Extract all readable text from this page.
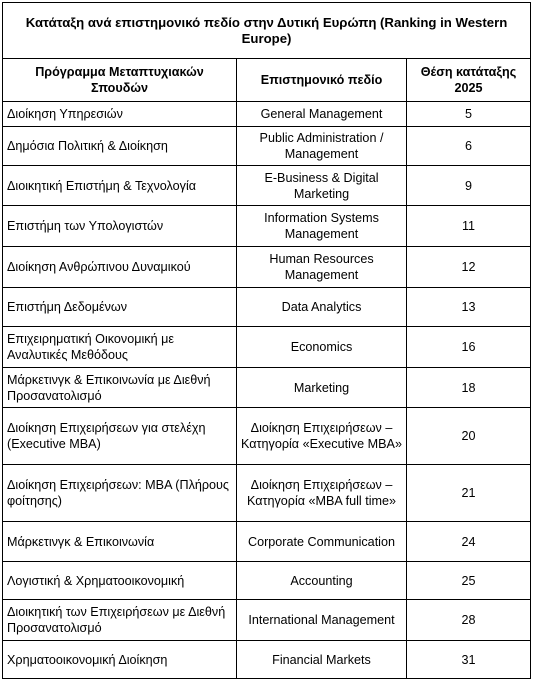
Κατάταξη ανά επιστημονικό πεδίο στην Δυτική Ευρώπη (Ranking in Western Europe)		
Πρόγραμμα Μεταπτυχιακών Σπουδών	Επιστημονικό πεδίο	Θέση κατάταξης 2025
Διοίκηση Υπηρεσιών	General Management	5
Δημόσια Πολιτική & Διοίκηση	Public Administration / Management	6
Διοικητική Επιστήμη & Τεχνολογία	E-Business & Digital Marketing	9
Επιστήμη των Υπολογιστών	Information Systems Management	11
Διοίκηση Ανθρώπινου Δυναμικού	Human Resources Management	12
Επιστήμη Δεδομένων	Data Analytics	13
Επιχειρηματική Οικονομική με Αναλυτικές Μεθόδους	Economics	16
Μάρκετινγκ & Επικοινωνία με Διεθνή Προσανατολισμό	Marketing	18
Διοίκηση Επιχειρήσεων για στελέχη (Executive MBA)	Διοίκηση Επιχειρήσεων – Κατηγορία «Executive MBA»	20
Διοίκηση Επιχειρήσεων: MBA (Πλήρους φοίτησης)	Διοίκηση Επιχειρήσεων – Κατηγορία «MBA full time»	21
Μάρκετινγκ & Επικοινωνία	Corporate Communication	24
Λογιστική & Χρηματοοικονομική	Accounting	25
Διοικητική των Επιχειρήσεων με Διεθνή Προσανατολισμό	International Management	28
Χρηματοοικονομική Διοίκηση	Financial Markets	31
